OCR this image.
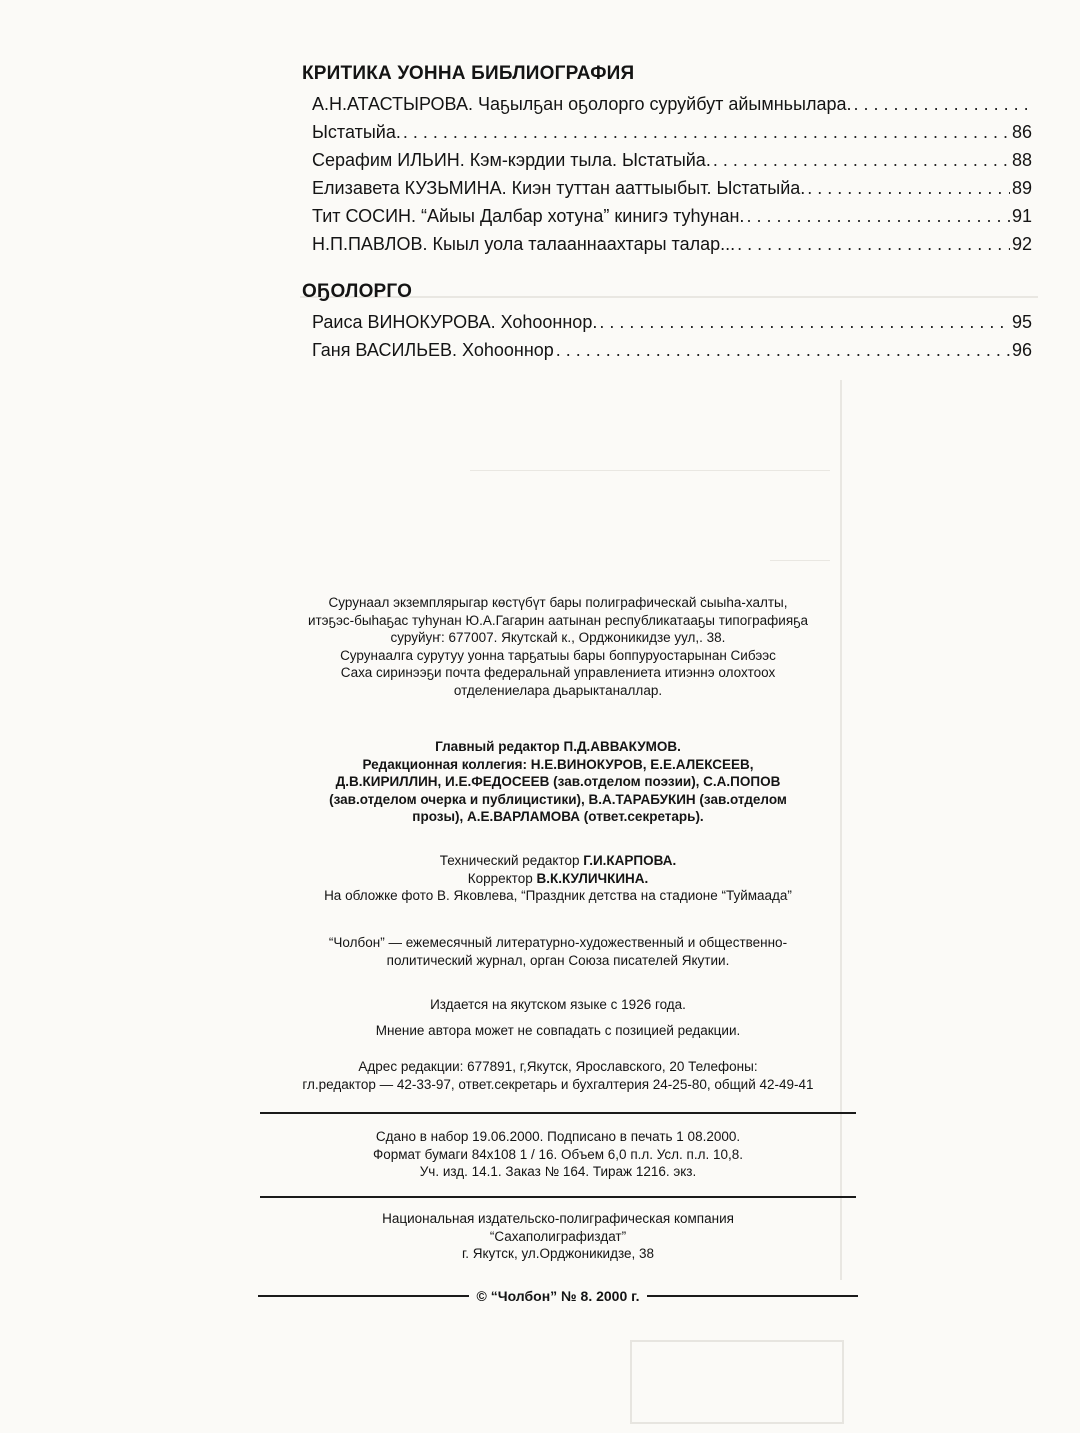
КРИТИКА УОННА БИБЛИОГРАФИЯ
А.Н.АТАСТЫРОВА. Чаҕылҕан оҕолорго суруйбут айымньылара.
. . .
Ыстатыйа. . . .	86
Серафим ИЛЬИН. Кэм-кэрдии тыла. Ыстатыйа. . . .	88
Елизавета КУЗЬМИНА. Киэн туттан ааттыыбыт. Ыстатыйа. . . .	89
Тит СОСИН. “Айыы Далбар хотуна” кинигэ туһунан. . . .	91
Н.П.ПАВЛОВ. Кыыл уола талааннаахтары талар... . . .	92
ОҔОЛОРГО
Раиса ВИНОКУРОВА. Хоhооннор. . . .	95
Ганя ВАСИЛЬЕВ. Хоhооннор . . .	96

Сурунаал экземплярыгар көстүбүт бары полиграфическай сыыһа-халты,

итэҕэс-быһаҕас туһунан Ю.А.Гагарин аатынан республикатааҕы типографияҕа

суруйуҥ: 677007. Якутскай к., Орджоникидзе уул,. 38.

Сурунаалга сурутуу уонна тарҕатыы бары боппуруостарынан Сибээс

Саха сиринээҕи почта федеральнай управлениета итиэннэ олохтоох

отделениелара дьарыктаналлар.

Главный редактор П.Д.АВВАКУМОВ.

Редакционная коллегия: Н.Е.ВИНОКУРОВ, Е.Е.АЛЕКСЕЕВ,

Д.В.КИРИЛЛИН, И.Е.ФЕДОСЕЕВ (зав.отделом поэзии), С.А.ПОПОВ

(зав.отделом очерка и публицистики), В.А.ТАРАБУКИН (зав.отделом

прозы), А.Е.ВАРЛАМОВА (ответ.секретарь).

Технический редактор Г.И.КАРПОВА.

Корректор В.К.КУЛИЧКИНА.

На обложке фото В. Яковлева, “Праздник детства на стадионе “Туймаада”

“Чолбон” — ежемесячный литературно-художественный и общественно-

политический журнал, орган Союза писателей Якутии.

Издается на якутском языке с 1926 года.
Мнение автора может не совпадать с позицией редакции.

Адрес редакции: 677891, г,Якутск, Ярославского, 20 Телефоны:

гл.редактор — 42-33-97, ответ.секретарь и бухгалтерия 24-25-80, общий 42-49-41

Сдано в набор 19.06.2000. Подписано в печать 1 08.2000.

Формат бумаги 84x108 1 / 16. Объем 6,0 п.л. Усл. п.л. 10,8.

Уч. изд. 14.1. Заказ № 164. Тираж 1216. экз.

Национальная издательско-полиграфическая компания

“Сахаполиграфиздат”

г. Якутск, ул.Орджоникидзе, 38

© “Чолбон” № 8. 2000 г.
